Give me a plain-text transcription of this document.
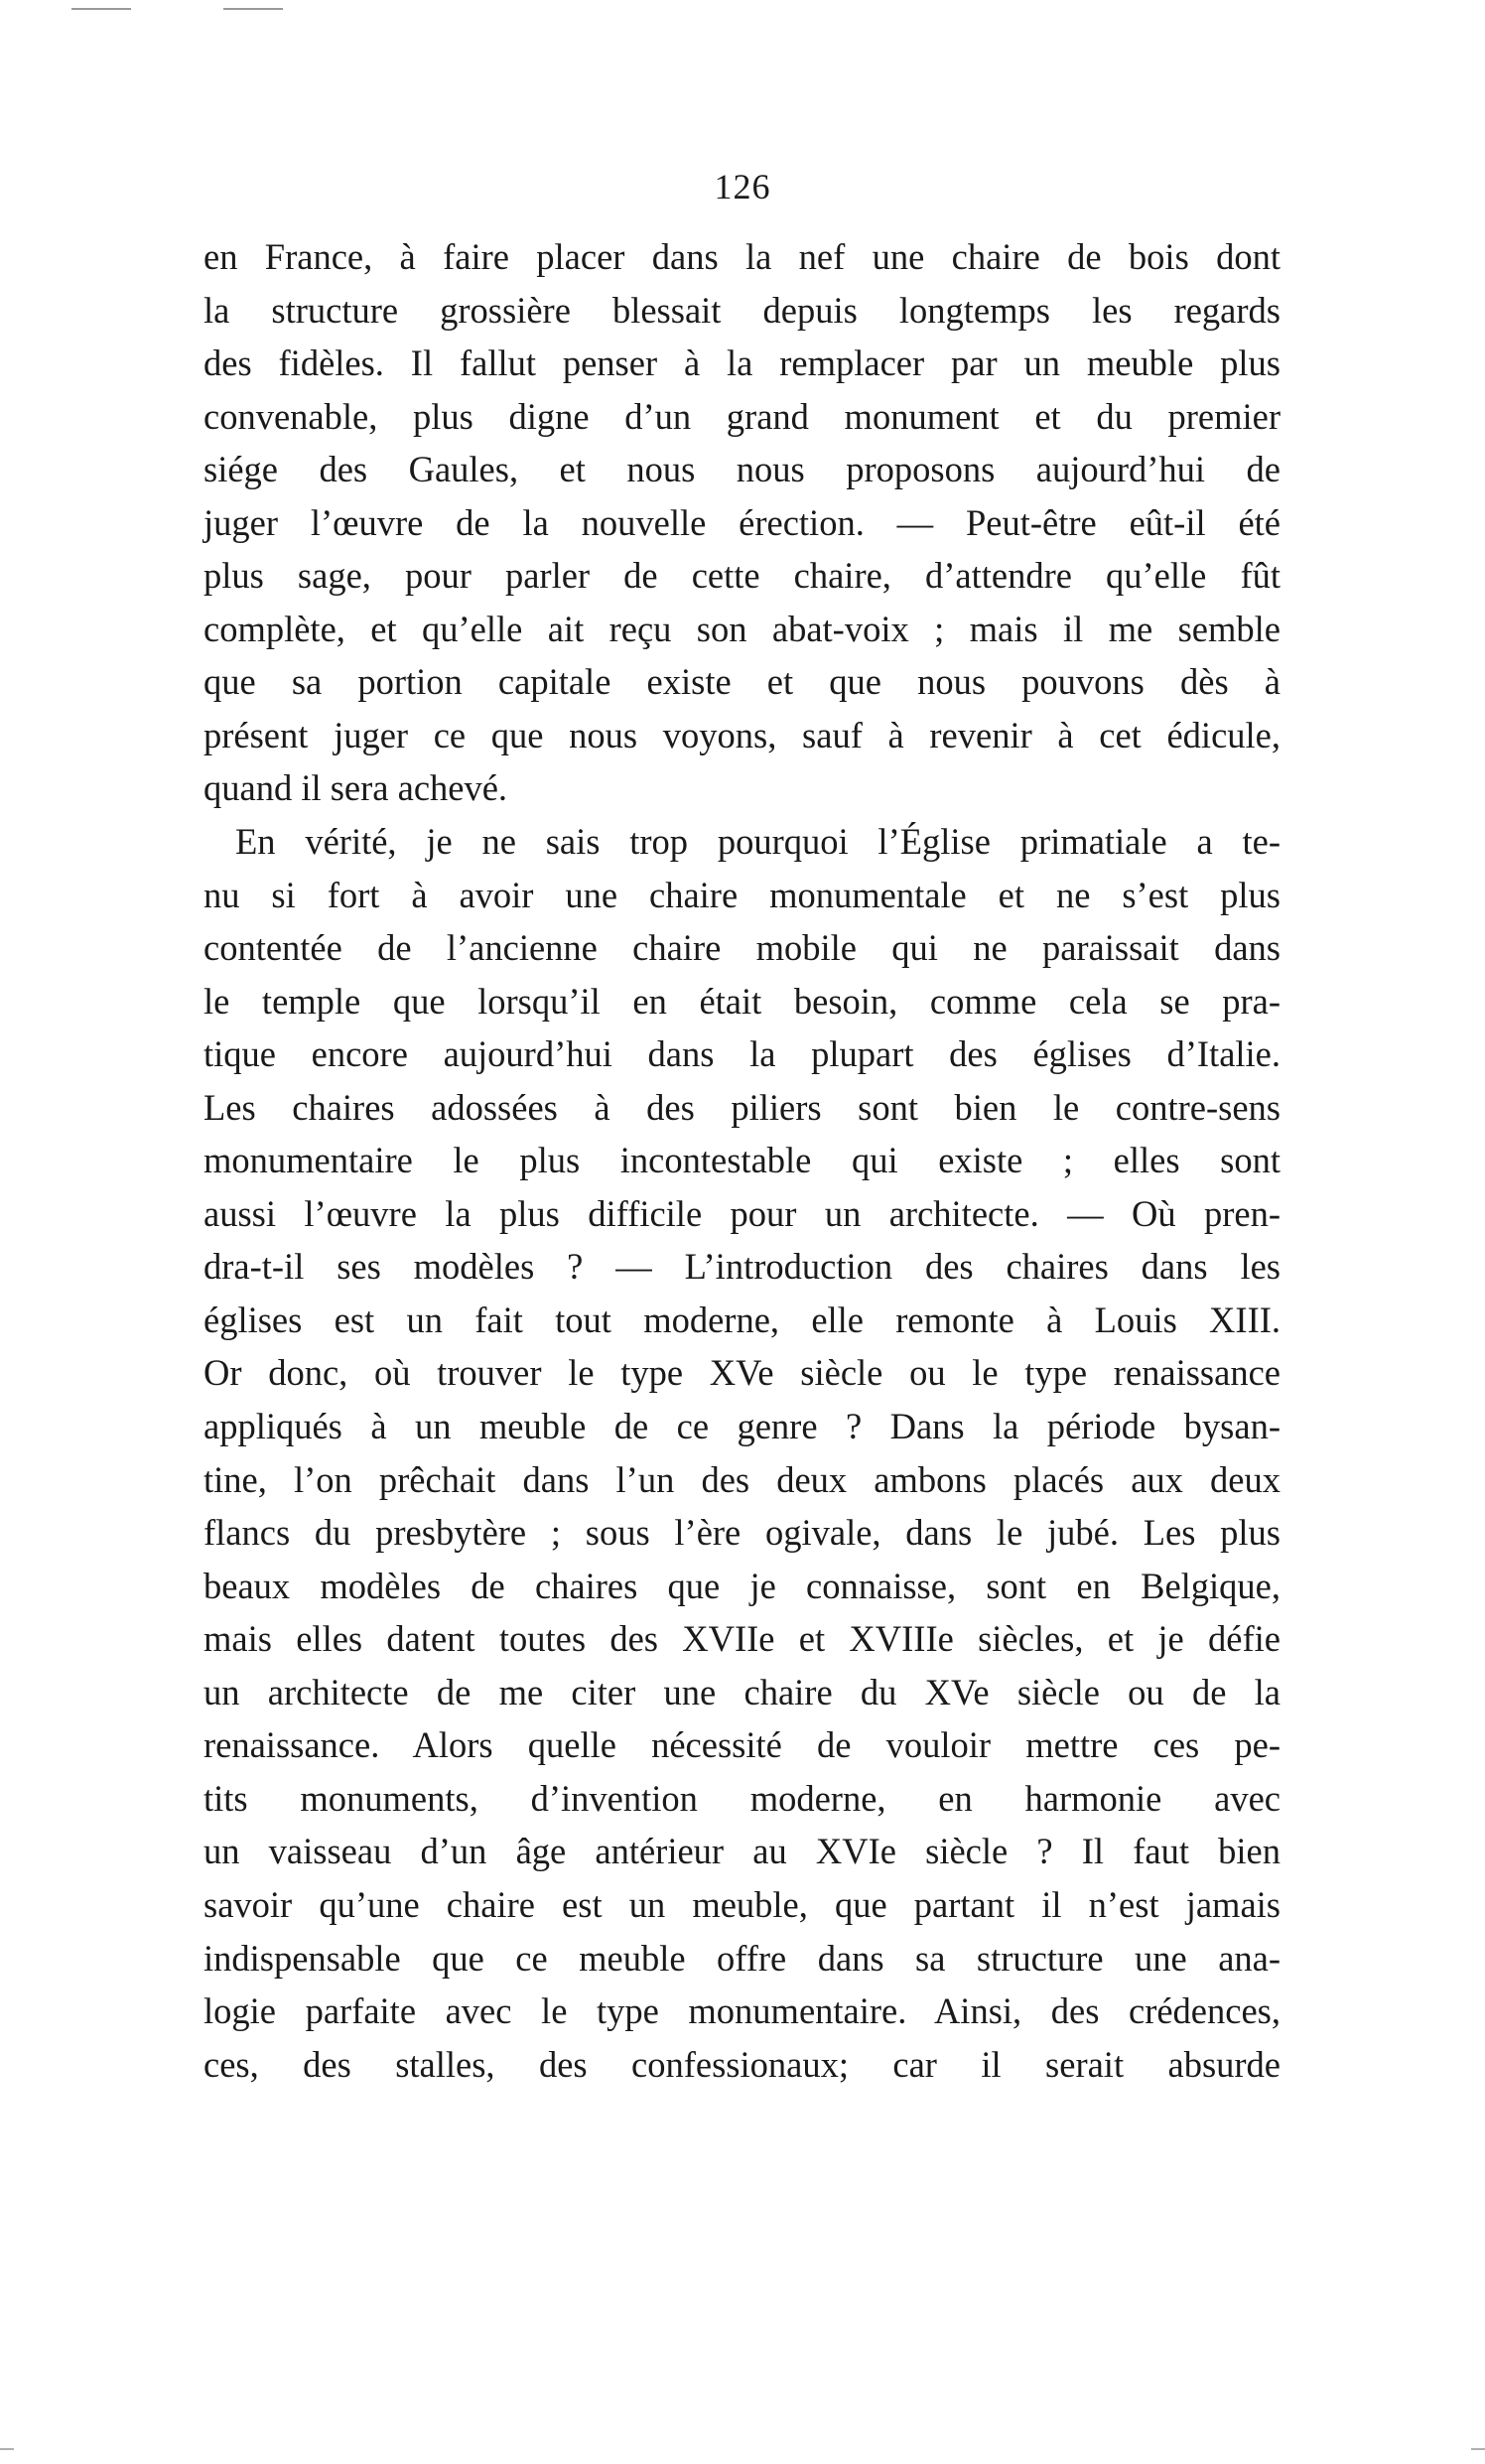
126
en France, à faire placer dans la nef une chaire de bois dont
la structure grossière blessait depuis longtemps les regards
des fidèles. Il fallut penser à la remplacer par un meuble plus
convenable, plus digne d’un grand monument et du premier
siége des Gaules, et nous nous proposons aujourd’hui de
juger l’œuvre de la nouvelle érection. — Peut-être eût-il été
plus sage, pour parler de cette chaire, d’attendre qu’elle fût
complète, et qu’elle ait reçu son abat-voix ; mais il me semble
que sa portion capitale existe et que nous pouvons dès à
présent juger ce que nous voyons, sauf à revenir à cet édicule,
quand il sera achevé.
En vérité, je ne sais trop pourquoi l’Église primatiale a te-
nu si fort à avoir une chaire monumentale et ne s’est plus
contentée de l’ancienne chaire mobile qui ne paraissait dans
le temple que lorsqu’il en était besoin, comme cela se pra-
tique encore aujourd’hui dans la plupart des églises d’Italie.
Les chaires adossées à des piliers sont bien le contre-sens
monumentaire le plus incontestable qui existe ; elles sont
aussi l’œuvre la plus difficile pour un architecte. — Où pren-
dra-t-il ses modèles ? — L’introduction des chaires dans les
églises est un fait tout moderne, elle remonte à Louis XIII.
Or donc, où trouver le type XVe siècle ou le type renaissance
appliqués à un meuble de ce genre ? Dans la période bysan-
tine, l’on prêchait dans l’un des deux ambons placés aux deux
flancs du presbytère ; sous l’ère ogivale, dans le jubé. Les plus
beaux modèles de chaires que je connaisse, sont en Belgique,
mais elles datent toutes des XVIIe et XVIIIe siècles, et je défie
un architecte de me citer une chaire du XVe siècle ou de la
renaissance. Alors quelle nécessité de vouloir mettre ces pe-
tits monuments, d’invention moderne, en harmonie avec
un vaisseau d’un âge antérieur au XVIe siècle ? Il faut bien
savoir qu’une chaire est un meuble, que partant il n’est jamais
indispensable que ce meuble offre dans sa structure une ana-
logie parfaite avec le type monumentaire. Ainsi, des crédences,
ces, des stalles, des confessionaux; car il serait absurde
